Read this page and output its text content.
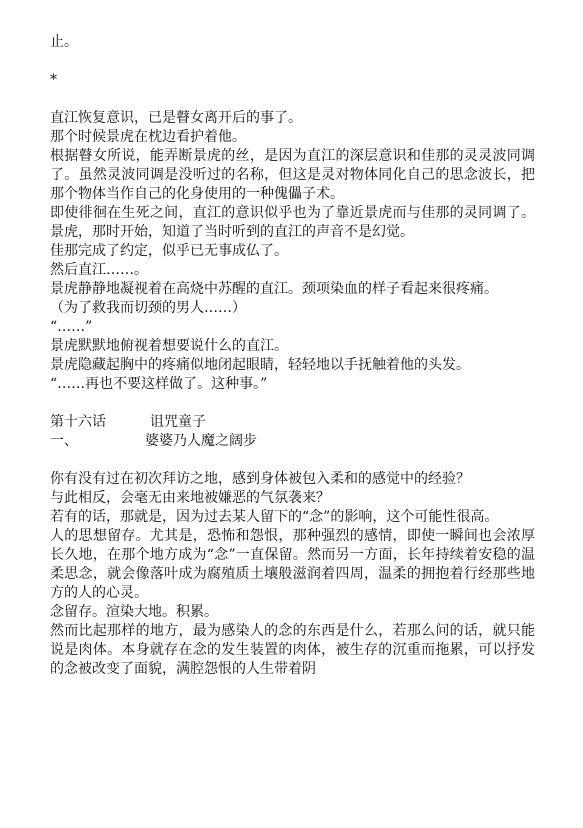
止。

*

直江恢复意识，已是瞽女离开后的事了。

那个时候景虎在枕边看护着他。

根据瞽女所说，能弄断景虎的丝，是因为直江的深层意识和佳那的灵灵波同调了。虽然灵波同调是没听过的名称，但这是灵对物体同化自己的思念波长，把那个物体当作自己的化身使用的一种傀儡子术。

即使徘徊在生死之间，直江的意识似乎也为了靠近景虎而与佳那的灵同调了。景虎，那时开始，知道了当时听到的直江的声音不是幻觉。

佳那完成了约定，似乎已无事成仏了。

然后直江……。

景虎静静地凝视着在高烧中苏醒的直江。颈项染血的样子看起来很疼痛。

（为了救我而切颈的男人……）

“……”

景虎默默地俯视着想要说什么的直江。

景虎隐藏起胸中的疼痛似地闭起眼睛，轻轻地以手抚触着他的头发。

“……再也不要这样做了。这种事。”

第十六话	诅咒童子
一、	婆婆乃人魔之阔步

你有没有过在初次拜访之地，感到身体被包入柔和的感觉中的经验？

与此相反，会毫无由来地被嫌恶的气氛袭来？

若有的话，那就是，因为过去某人留下的“念”的影响，这个可能性很高。

人的思想留存。尤其是，恐怖和怨恨，那种强烈的感情，即使一瞬间也会浓厚长久地，在那个地方成为“念”一直保留。然而另一方面，长年持续着安稳的温柔思念，就会像落叶成为腐殖质土壤般滋润着四周，温柔的拥抱着行经那些地方的人的心灵。

念留存。渲染大地。积累。

然而比起那样的地方，最为感染人的念的东西是什么，若那么问的话，就只能说是肉体。本身就存在念的发生装置的肉体，被生存的沉重而拖累，可以抒发的念被改变了面貌，满腔怨恨的人生带着阴
